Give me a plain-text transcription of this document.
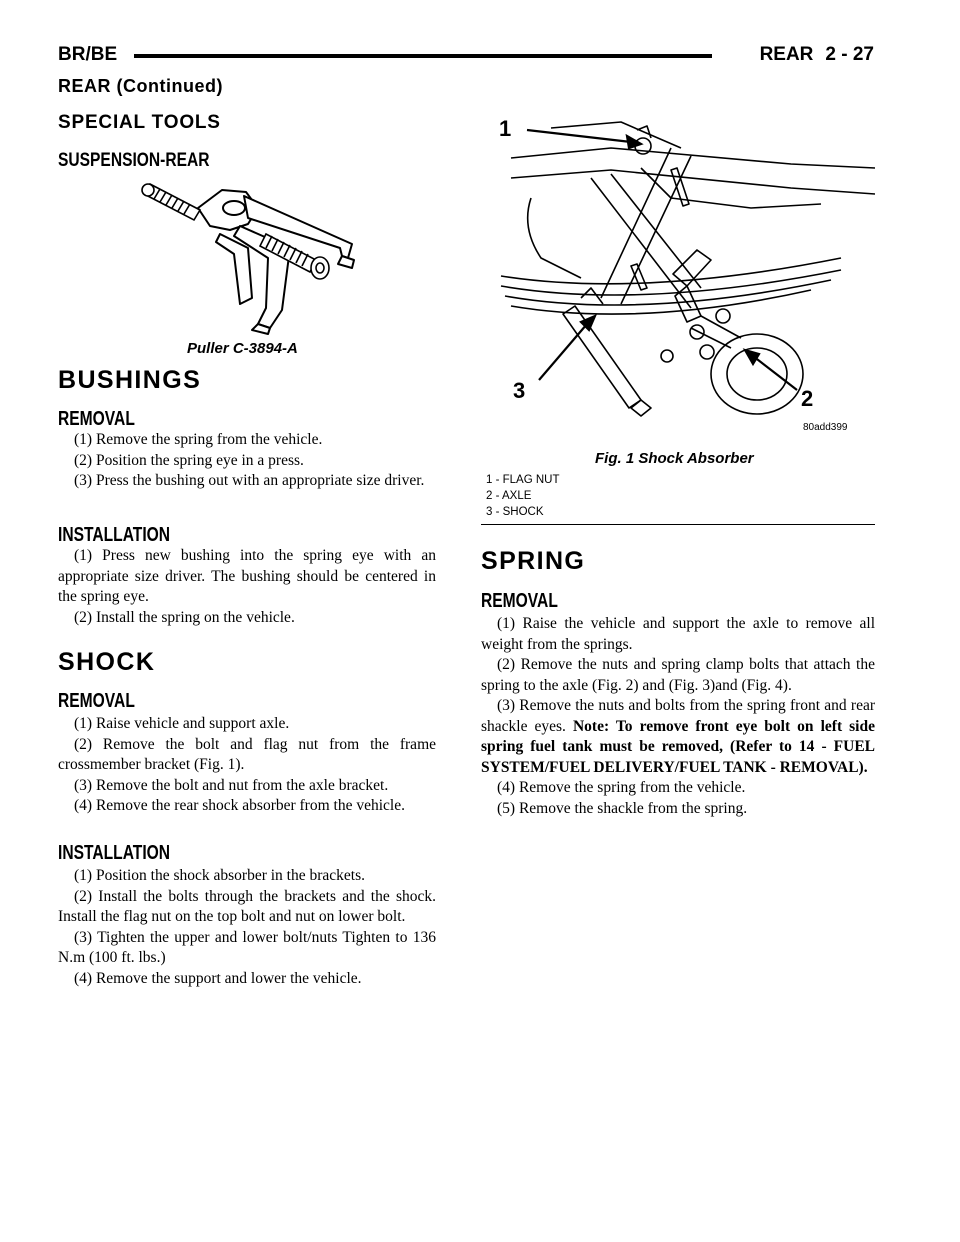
BR/BE	REAR 2 - 27
REAR (Continued)
SPECIAL TOOLS
SUSPENSION-REAR
Puller C-3894-A
BUSHINGS
REMOVAL

(1) Remove the spring from the vehicle.

(2) Position the spring eye in a press.

(3) Press the bushing out with an appropriate size driver.

INSTALLATION

(1) Press new bushing into the spring eye with an appropriate size driver. The bushing should be centered in the spring eye.

(2) Install the spring on the vehicle.

SHOCK
REMOVAL

(1) Raise vehicle and support axle.

(2) Remove the bolt and flag nut from the frame crossmember bracket (Fig. 1).

(3) Remove the bolt and nut from the axle bracket.

(4) Remove the rear shock absorber from the vehicle.

INSTALLATION

(1) Position the shock absorber in the brackets.

(2) Install the bolts through the brackets and the shock. Install the flag nut on the top bolt and nut on lower bolt.

(3) Tighten the upper and lower bolt/nuts Tighten to 136 N.m (100 ft. lbs.)

(4) Remove the support and lower the vehicle.

1
2
3
80add399
Fig. 1 Shock Absorber
1 - FLAG NUT
2 - AXLE
3 - SHOCK
SPRING
REMOVAL

(1) Raise the vehicle and support the axle to remove all weight from the springs.

(2) Remove the nuts and spring clamp bolts that attach the spring to the axle (Fig. 2) and (Fig. 3)and (Fig. 4).

(3) Remove the nuts and bolts from the spring front and rear shackle eyes. Note: To remove front eye bolt on left side spring fuel tank must be removed, (Refer to 14 - FUEL SYSTEM/FUEL DELIVERY/FUEL TANK - REMOVAL).

(4) Remove the spring from the vehicle.

(5) Remove the shackle from the spring.
